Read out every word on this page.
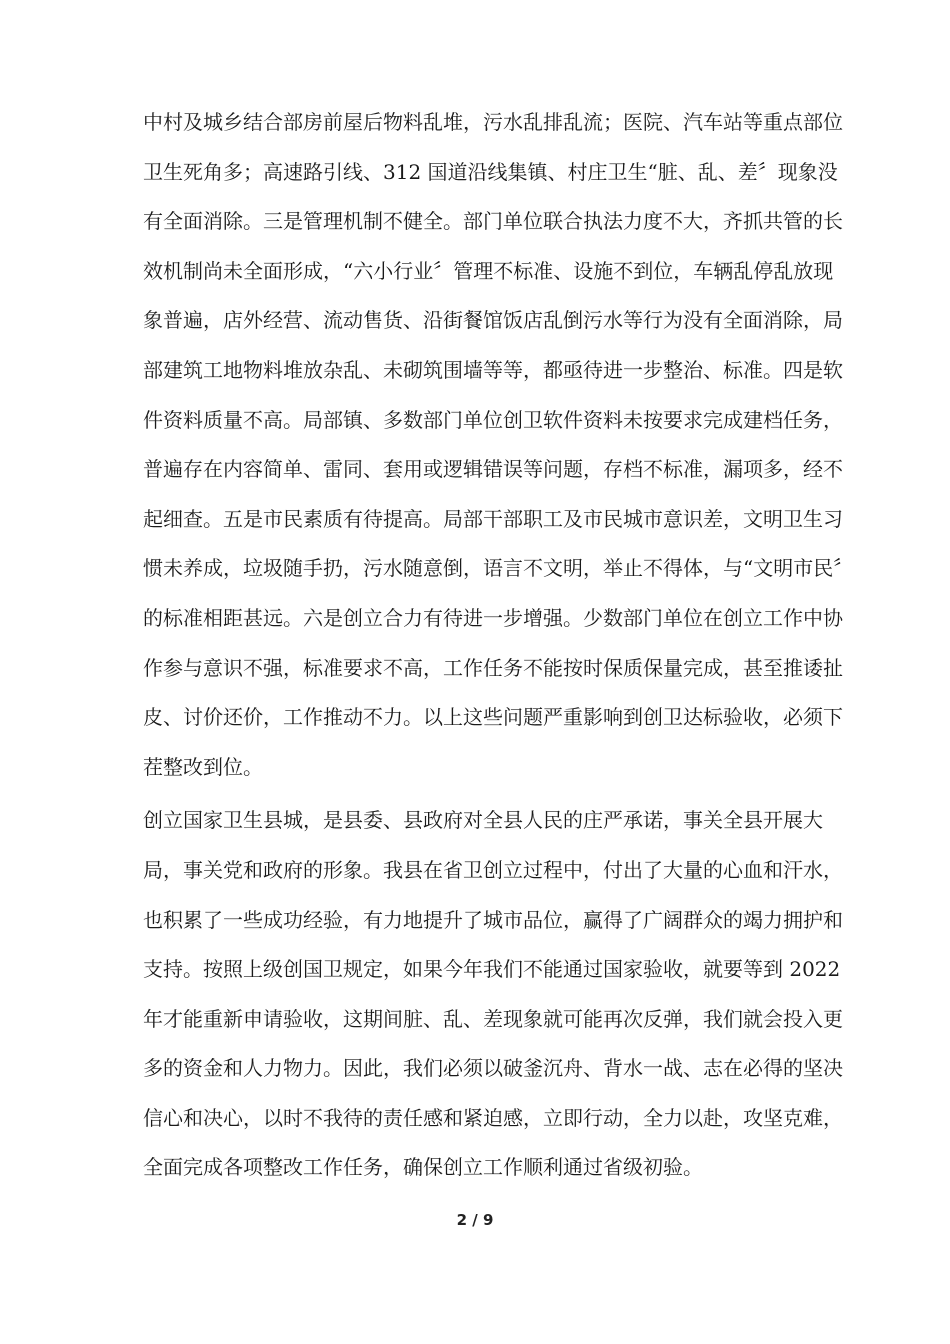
中村及城乡结合部房前屋后物料乱堆，污水乱排乱流；医院、汽车站等重点部位
卫生死角多；高速路引线、312 国道沿线集镇、村庄卫生“脏、乱、差〞现象没
有全面消除。三是管理机制不健全。部门单位联合执法力度不大，齐抓共管的长
效机制尚未全面形成，“六小行业〞管理不标准、设施不到位，车辆乱停乱放现
象普遍，店外经营、流动售货、沿街餐馆饭店乱倒污水等行为没有全面消除，局
部建筑工地物料堆放杂乱、未砌筑围墙等等，都亟待进一步整治、标准。四是软
件资料质量不高。局部镇、多数部门单位创卫软件资料未按要求完成建档任务，
普遍存在内容简单、雷同、套用或逻辑错误等问题，存档不标准，漏项多，经不
起细查。五是市民素质有待提高。局部干部职工及市民城市意识差，文明卫生习
惯未养成，垃圾随手扔，污水随意倒，语言不文明，举止不得体，与“文明市民〞
的标准相距甚远。六是创立合力有待进一步增强。少数部门单位在创立工作中协
作参与意识不强，标准要求不高，工作任务不能按时保质保量完成，甚至推诿扯
皮、讨价还价，工作推动不力。以上这些问题严重影响到创卫达标验收，必须下
茬整改到位。
创立国家卫生县城，是县委、县政府对全县人民的庄严承诺，事关全县开展大
局，事关党和政府的形象。我县在省卫创立过程中，付出了大量的心血和汗水，
也积累了一些成功经验，有力地提升了城市品位，赢得了广阔群众的竭力拥护和
支持。按照上级创国卫规定，如果今年我们不能通过国家验收，就要等到 2022
年才能重新申请验收，这期间脏、乱、差现象就可能再次反弹，我们就会投入更
多的资金和人力物力。因此，我们必须以破釜沉舟、背水一战、志在必得的坚决
信心和决心，以时不我待的责任感和紧迫感，立即行动，全力以赴，攻坚克难，
全面完成各项整改工作任务，确保创立工作顺利通过省级初验。
2 / 9
